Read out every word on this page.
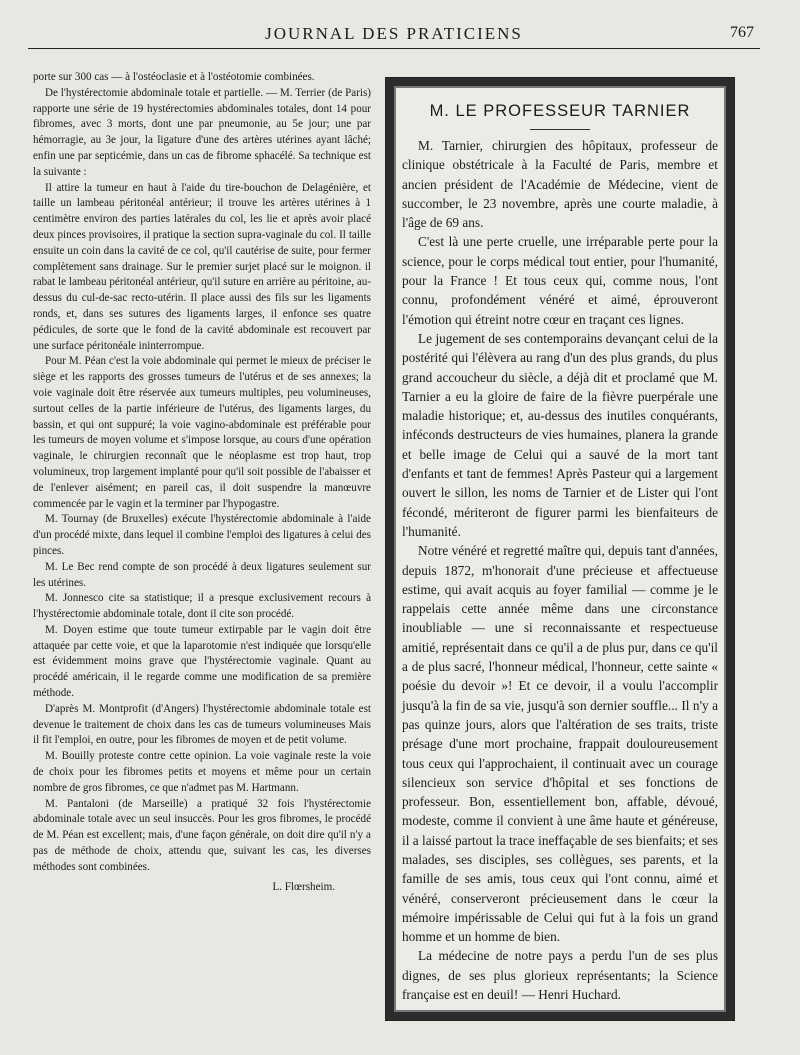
JOURNAL DES PRATICIENS	767

porte sur 300 cas — à l'ostéoclasie et à l'ostéotomie combinées.

De l'hystérectomie abdominale totale et partielle. — M. Terrier (de Paris) rapporte une série de 19 hystérectomies abdominales totales, dont 14 pour fibromes, avec 3 morts, dont une par pneumonie, au 5e jour; une par hémorragie, au 3e jour, la ligature d'une des artères utérines ayant lâché; enfin une par septicémie, dans un cas de fibrome sphacélé. Sa technique est la suivante :

Il attire la tumeur en haut à l'aide du tire-bouchon de Delagénière, et taille un lambeau péritonéal antérieur; il trouve les artères utérines à 1 centimètre environ des parties latérales du col, les lie et après avoir placé deux pinces provisoires, il pratique la section supra-vaginale du col. Il taille ensuite un coin dans la cavité de ce col, qu'il cautérise de suite, pour fermer complètement sans drainage. Sur le premier surjet placé sur le moignon. il rabat le lambeau péritonéal antérieur, qu'il suture en arrière au péritoine, au-dessus du cul-de-sac recto-utérin. Il place aussi des fils sur les ligaments ronds, et, dans ses sutures des ligaments larges, il enfonce ses quatre pédicules, de sorte que le fond de la cavité abdominale est recouvert par une surface péritonéale ininterrompue.

Pour M. Péan c'est la voie abdominale qui permet le mieux de préciser le siège et les rapports des grosses tumeurs de l'utérus et de ses annexes; la voie vaginale doit être réservée aux tumeurs multiples, peu volumineuses, surtout celles de la partie inférieure de l'utérus, des ligaments larges, du bassin, et qui ont suppuré; la voie vagino-abdominale est préférable pour les tumeurs de moyen volume et s'impose lorsque, au cours d'une opération vaginale, le chirurgien reconnaît que le néoplasme est trop haut, trop volumineux, trop largement implanté pour qu'il soit possible de l'abaisser et de l'enlever aisément; en pareil cas, il doit suspendre la manœuvre commencée par le vagin et la terminer par l'hypogastre.

M. Tournay (de Bruxelles) exécute l'hystérectomie abdominale à l'aide d'un procédé mixte, dans lequel il combine l'emploi des ligatures à celui des pinces.

M. Le Bec rend compte de son procédé à deux ligatures seulement sur les utérines.

M. Jonnesco cite sa statistique; il a presque exclusivement recours à l'hystérectomie abdominale totale, dont il cite son procédé.

M. Doyen estime que toute tumeur extirpable par le vagin doit être attaquée par cette voie, et que la laparotomie n'est indiquée que lorsqu'elle est évidemment moins grave que l'hystérectomie vaginale. Quant au procédé américain, il le regarde comme une modification de sa première méthode.

D'après M. Montprofit (d'Angers) l'hystérectomie abdominale totale est devenue le traitement de choix dans les cas de tumeurs volumineuses Mais il fit l'emploi, en outre, pour les fibromes de moyen et de petit volume.

M. Bouilly proteste contre cette opinion. La voie vaginale reste la voie de choix pour les fibromes petits et moyens et même pour un certain nombre de gros fibromes, ce que n'admet pas M. Hartmann.

M. Pantaloni (de Marseille) a pratiqué 32 fois l'hystérectomie abdominale totale avec un seul insuccès. Pour les gros fibromes, le procédé de M. Péan est excellent; mais, d'une façon générale, on doit dire qu'il n'y a pas de méthode de choix, attendu que, suivant les cas, les diverses méthodes sont combinées.

L. Flœrsheim.
M. LE PROFESSEUR TARNIER

M. Tarnier, chirurgien des hôpitaux, professeur de clinique obstétricale à la Faculté de Paris, membre et ancien président de l'Académie de Médecine, vient de succomber, le 23 novembre, après une courte maladie, à l'âge de 69 ans.

C'est là une perte cruelle, une irréparable perte pour la science, pour le corps médical tout entier, pour l'humanité, pour la France ! Et tous ceux qui, comme nous, l'ont connu, profondément vénéré et aimé, éprouveront l'émotion qui étreint notre cœur en traçant ces lignes.

Le jugement de ses contemporains devançant celui de la postérité qui l'élèvera au rang d'un des plus grands, du plus grand accoucheur du siècle, a déjà dit et proclamé que M. Tarnier a eu la gloire de faire de la fièvre puerpérale une maladie historique; et, au-dessus des inutiles conquérants, inféconds destructeurs de vies humaines, planera la grande et belle image de Celui qui a sauvé de la mort tant d'enfants et tant de femmes! Après Pasteur qui a largement ouvert le sillon, les noms de Tarnier et de Lister qui l'ont fécondé, mériteront de figurer parmi les bienfaiteurs de l'humanité.

Notre vénéré et regretté maître qui, depuis tant d'années, depuis 1872, m'honorait d'une précieuse et affectueuse estime, qui avait acquis au foyer familial — comme je le rappelais cette année même dans une circonstance inoubliable — une si reconnaissante et respectueuse amitié, représentait dans ce qu'il a de plus pur, dans ce qu'il a de plus sacré, l'honneur médical, l'honneur, cette sainte « poésie du devoir »! Et ce devoir, il a voulu l'accomplir jusqu'à la fin de sa vie, jusqu'à son dernier souffle... Il n'y a pas quinze jours, alors que l'altération de ses traits, triste présage d'une mort prochaine, frappait douloureusement tous ceux qui l'approchaient, il continuait avec un courage silencieux son service d'hôpital et ses fonctions de professeur. Bon, essentiellement bon, affable, dévoué, modeste, comme il convient à une âme haute et généreuse, il a laissé partout la trace ineffaçable de ses bienfaits; et ses malades, ses disciples, ses collègues, ses parents, et la famille de ses amis, tous ceux qui l'ont connu, aimé et vénéré, conserveront précieusement dans le cœur la mémoire impérissable de Celui qui fut à la fois un grand homme et un homme de bien.

La médecine de notre pays a perdu l'un de ses plus dignes, de ses plus glorieux représentants; la Science française est en deuil! — Henri Huchard.
